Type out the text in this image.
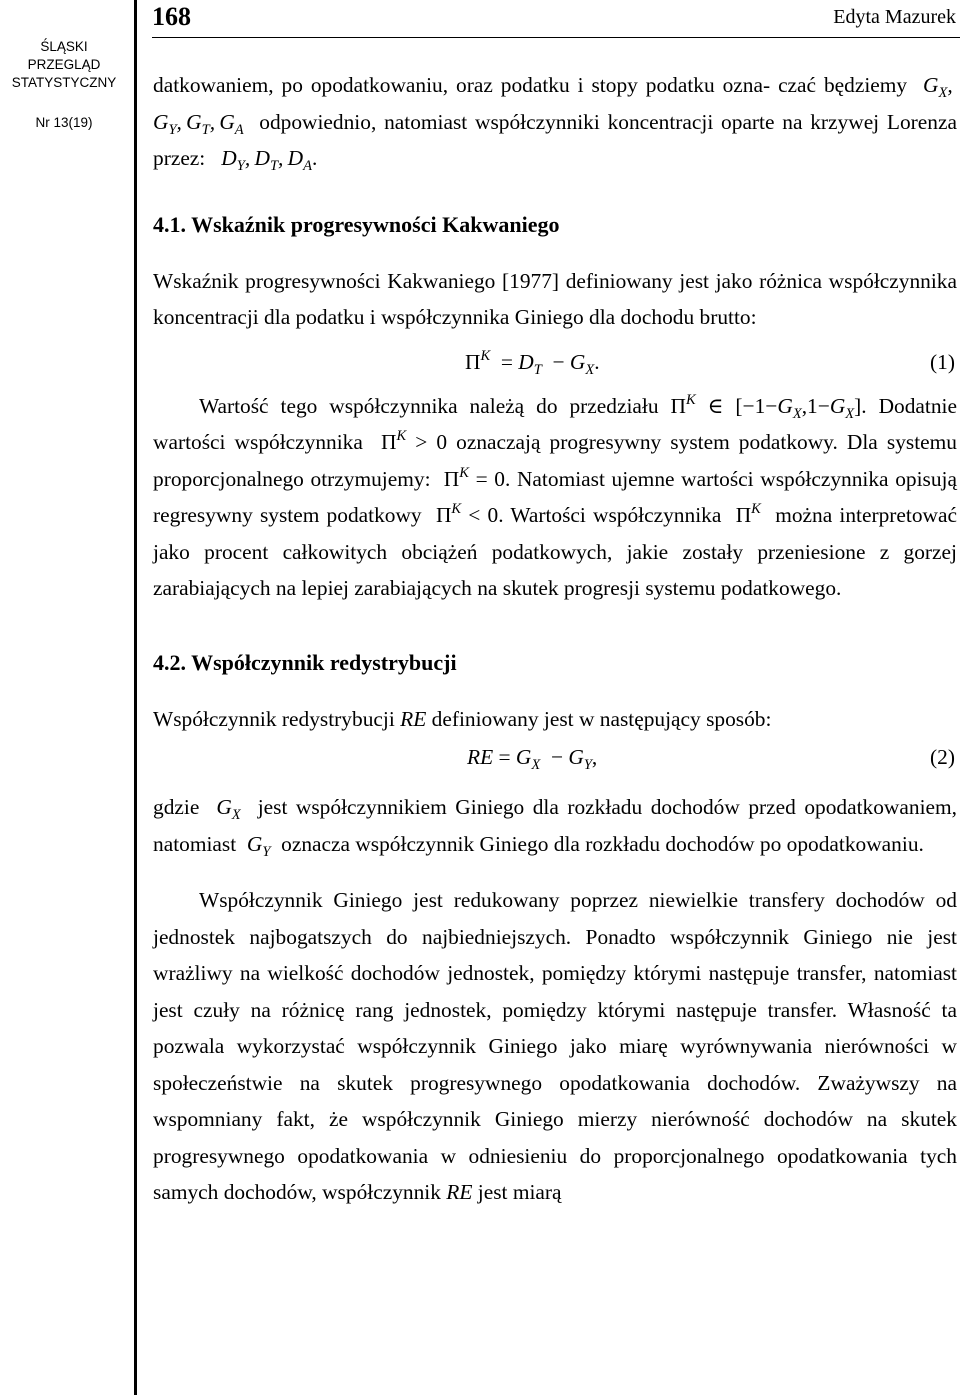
ŚLĄSKI
PRZEGLĄD
STATYSTYCZNY
Nr 13(19)
168	Edyta Mazurek

datkowaniem, po opodatkowaniu, oraz podatku i stopy podatku ozna- czać będziemy  $G_X$, $G_Y$, $G_T$, $G_A$ odpowiednio, natomiast współczynniki koncentracji oparte na krzywej Lorenza przez:   $D_Y$, $D_T$, $D_A$.

4.1. Wskaźnik progresywności Kakwaniego

Wskaźnik progresywności Kakwaniego [1977] definiowany jest jako różnica współczynnika koncentracji dla podatku i współczynnika Giniego dla dochodu brutto:

$\Pi^K = D_T - G_X$.	(1)

Wartość tego współczynnika należą do przedziału $\Pi^K$ ∈ $[-1-G_X,1-G_X]$. Dodatnie wartości współczynnika  $\Pi^K > 0$ oznaczają progresywny system podatkowy. Dla systemu proporcjonalnego otrzymujemy:  $\Pi^K = 0$. Natomiast ujemne wartości współczynnika opisują regresywny system podatkowy  $\Pi^K < 0$. Wartości współczynnika  $\Pi^K$ można interpretować jako procent całkowitych obciążeń podatkowych, jakie zostały przeniesione z gorzej zarabiających na lepiej zarabiających na skutek progresji systemu podatkowego.

4.2. Współczynnik redystrybucji

Współczynnik redystrybucji RE definiowany jest w następujący sposób:

RE = $G_X - G_Y$,	(2)

gdzie $G_X$ jest współczynnikiem Giniego dla rozkładu dochodów przed opodatkowaniem, natomiast $G_Y$ oznacza współczynnik Giniego dla rozkładu dochodów po opodatkowaniu.

Współczynnik Giniego jest redukowany poprzez niewielkie transfery dochodów od jednostek najbogatszych do najbiedniejszych. Ponadto współczynnik Giniego nie jest wrażliwy na wielkość dochodów jednostek, pomiędzy którymi następuje transfer, natomiast jest czuły na różnicę rang jednostek, pomiędzy którymi następuje transfer. Własność ta pozwala wykorzystać współczynnik Giniego jako miarę wyrównywania nierówności w społeczeństwie na skutek progresywnego opodatkowania dochodów. Zważywszy na wspomniany fakt, że współczynnik Giniego mierzy nierówność dochodów na skutek progresywnego opodatkowania w odniesieniu do proporcjonalnego opodatkowania tych samych dochodów, współczynnik RE jest miarą
